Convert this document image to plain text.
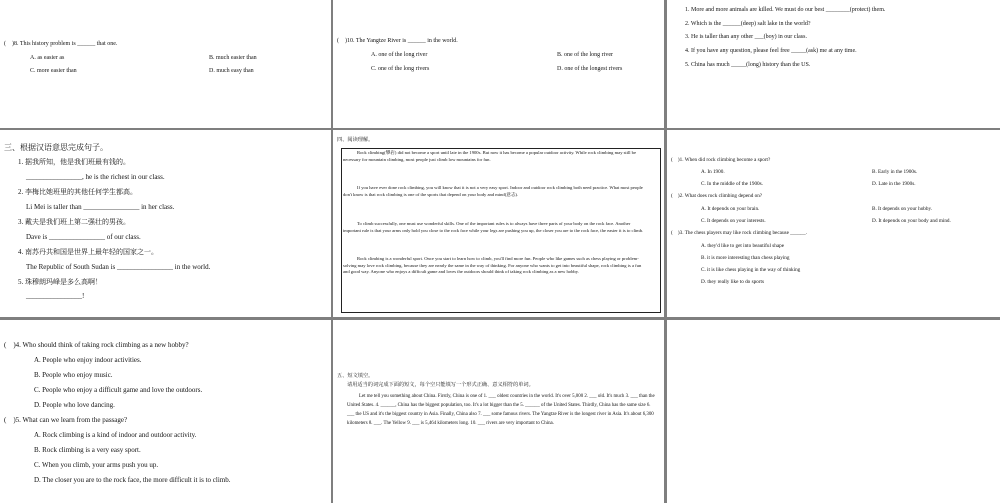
(　)8. This history problem is ______ that one.
A. as easier as	B. much easier than
C. more easier than	D. much easy than
(　)10. The Yangtze River is ______ in the world.
A. one of the long river	B. one of the long river
C. one of the long rivers	D. one of the longest rivers
1. More and more animals are killed. We must do our best ________(protect) them.
2. Which is the ______(deep) salt lake in the world?
3. He is taller than any other ___(boy) in our class.
4. If you have any question, please feel free _____(ask) me at any time.
5. China has much _____(long) history than the US.
三、根据汉语意思完成句子。
1. 据我所知，他是我们班最有钱的。
________________, he is the richest in our class.
2. 李梅比她班里的其他任何学生都高。
Li Mei is taller than ________________ in her class.
3. 戴夫是我们班上第二强壮的男孩。
Dave is ________________ of our class.
4. 南苏丹共和国是世界上最年轻的国家之一。
The Republic of South Sudan is ________________ in the world.
5. 珠穆朗玛峰是多么高啊！
________________!
四、阅读理解。
Rock climbing(攀岩) did not become a sport until late in the 1900s. But now it has become a popular outdoor activity. While rock climbing may still be necessary for mountain climbing, most people just climb low mountains for fun.
If you have ever done rock climbing, you will know that it is not a very easy sport. Indoor and outdoor rock climbing both need practice. What most people don't know is that rock climbing is one of the sports that depend on your body and mind(意志).
To climb successfully, one must use wonderful skills. One of the important rules is to always have three parts of your body on the rock face. Another important rule is that your arms only hold you close to the rock face while your legs are pushing you up, the closer you are to the rock face, the easier it is to climb.
Rock climbing is a wonderful sport. Once you start to learn how to climb, you'll find more fun. People who like games such as chess playing or problem-solving may love rock climbing, because they are nearly the same in the way of thinking. For anyone who wants to get into beautiful shape, rock climbing is a fun and good way. Anyone who enjoys a difficult game and loves the outdoors should think of taking rock climbing as a new hobby.
(　)1. When did rock climbing become a sport?
A. In 1900.	B. Early in the 1900s.
C. In the middle of the 1900s.	D. Late in the 1900s.
(　)2. What does rock climbing depend on?
A. It depends on your brain.	B. It depends on your hobby.
C. It depends on your interests.	D. It depends on your body and mind.
(　)3. The chess players may like rock climbing because ______.
A. they'd like to get into beautiful shape
B. it is more interesting than chess playing
C. it is like chess playing in the way of thinking
D. they really like to do sports
(　)4. Who should think of taking rock climbing as a new hobby?
A. People who enjoy indoor activities.
B. People who enjoy music.
C. People who enjoy a difficult game and love the outdoors.
D. People who love dancing.
(　)5. What can we learn from the passage?
A. Rock climbing is a kind of indoor and outdoor activity.
B. Rock climbing is a very easy sport.
C. When you climb, your arms push you up.
D. The closer you are to the rock face, the more difficult it is to climb.
五、短文填空。
请用适当的词完成下面的短文，每个空只能填写一个形式正确、意义相符的单词。
Let me tell you something about China. Firstly, China is one of 1. ___ oldest countries in the world. It's over 5,000 2. ___ old. It's much 3. ___ than the United States. 4. ______, China has the biggest population, too. It's a lot bigger than the 5. ______ of the United States. Thirdly, China has the same size 6. ___ the US and it's the biggest country in Asia. Finally, China also 7. ___ some famous rivers. The Yangtze River is the longest river in Asia. It's about 6,300 kilometers 8. ___. The Yellow 9. ___ is 5,464 kilometers long. 10. ___ rivers are very important to China.
